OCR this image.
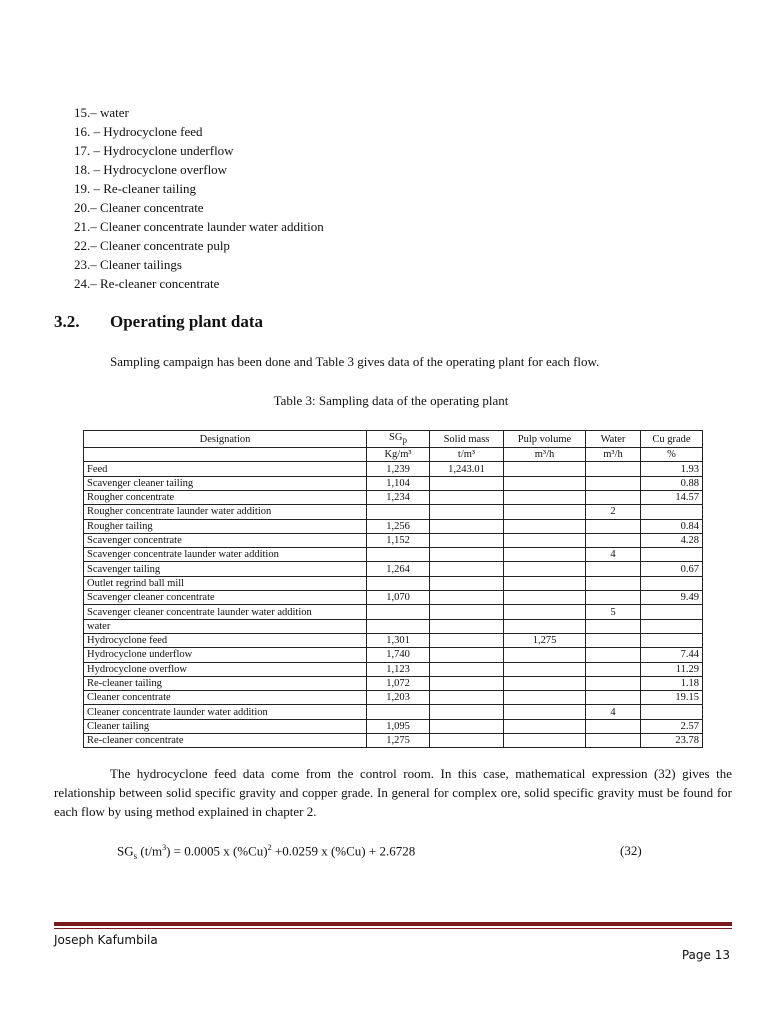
15.– water
16. – Hydrocyclone feed
17. – Hydrocyclone underflow
18. – Hydrocyclone overflow
19. – Re-cleaner tailing
20.– Cleaner concentrate
21.– Cleaner concentrate launder water addition
22.– Cleaner concentrate pulp
23.– Cleaner tailings
24.– Re-cleaner concentrate
3.2. Operating plant data
Sampling campaign has been done and Table 3 gives data of the operating plant for each flow.
Table 3: Sampling data of the operating plant
Designation	$SG_p$	Solid mass	Pulp volume	Water	Cu grade
	Kg/m³	t/m³	m³/h	m³/h	%
Feed	1,239	1,243.01			1.93
Scavenger cleaner tailing	1,104				0.88
Rougher concentrate	1,234				14.57
Rougher concentrate launder water addition				2	
Rougher tailing	1,256				0.84
Scavenger concentrate	1,152				4.28
Scavenger concentrate launder water addition				4	
Scavenger tailing	1,264				0.67
Outlet regrind ball mill					
Scavenger cleaner concentrate	1,070				9.49
Scavenger cleaner concentrate launder water addition				5	
water					
Hydrocyclone feed	1,301		1,275		
Hydrocyclone underflow	1,740				7.44
Hydrocyclone overflow	1,123				11.29
Re-cleaner tailing	1,072				1.18
Cleaner concentrate	1,203				19.15
Cleaner concentrate launder water addition				4	
Cleaner tailing	1,095				2.57
Re-cleaner concentrate	1,275				23.78

The hydrocyclone feed data come from the control room. In this case, mathematical expression (32) gives the relationship between solid specific gravity and copper grade. In general for complex ore, solid specific gravity must be found for each flow by using method explained in chapter 2.

$SG_s$ $(t/m^3) = 0.0005$ x $(\%Cu)^2 +0.0259$ x (%Cu) + 2.6728	(32)
Joseph Kafumbila
Page 13
